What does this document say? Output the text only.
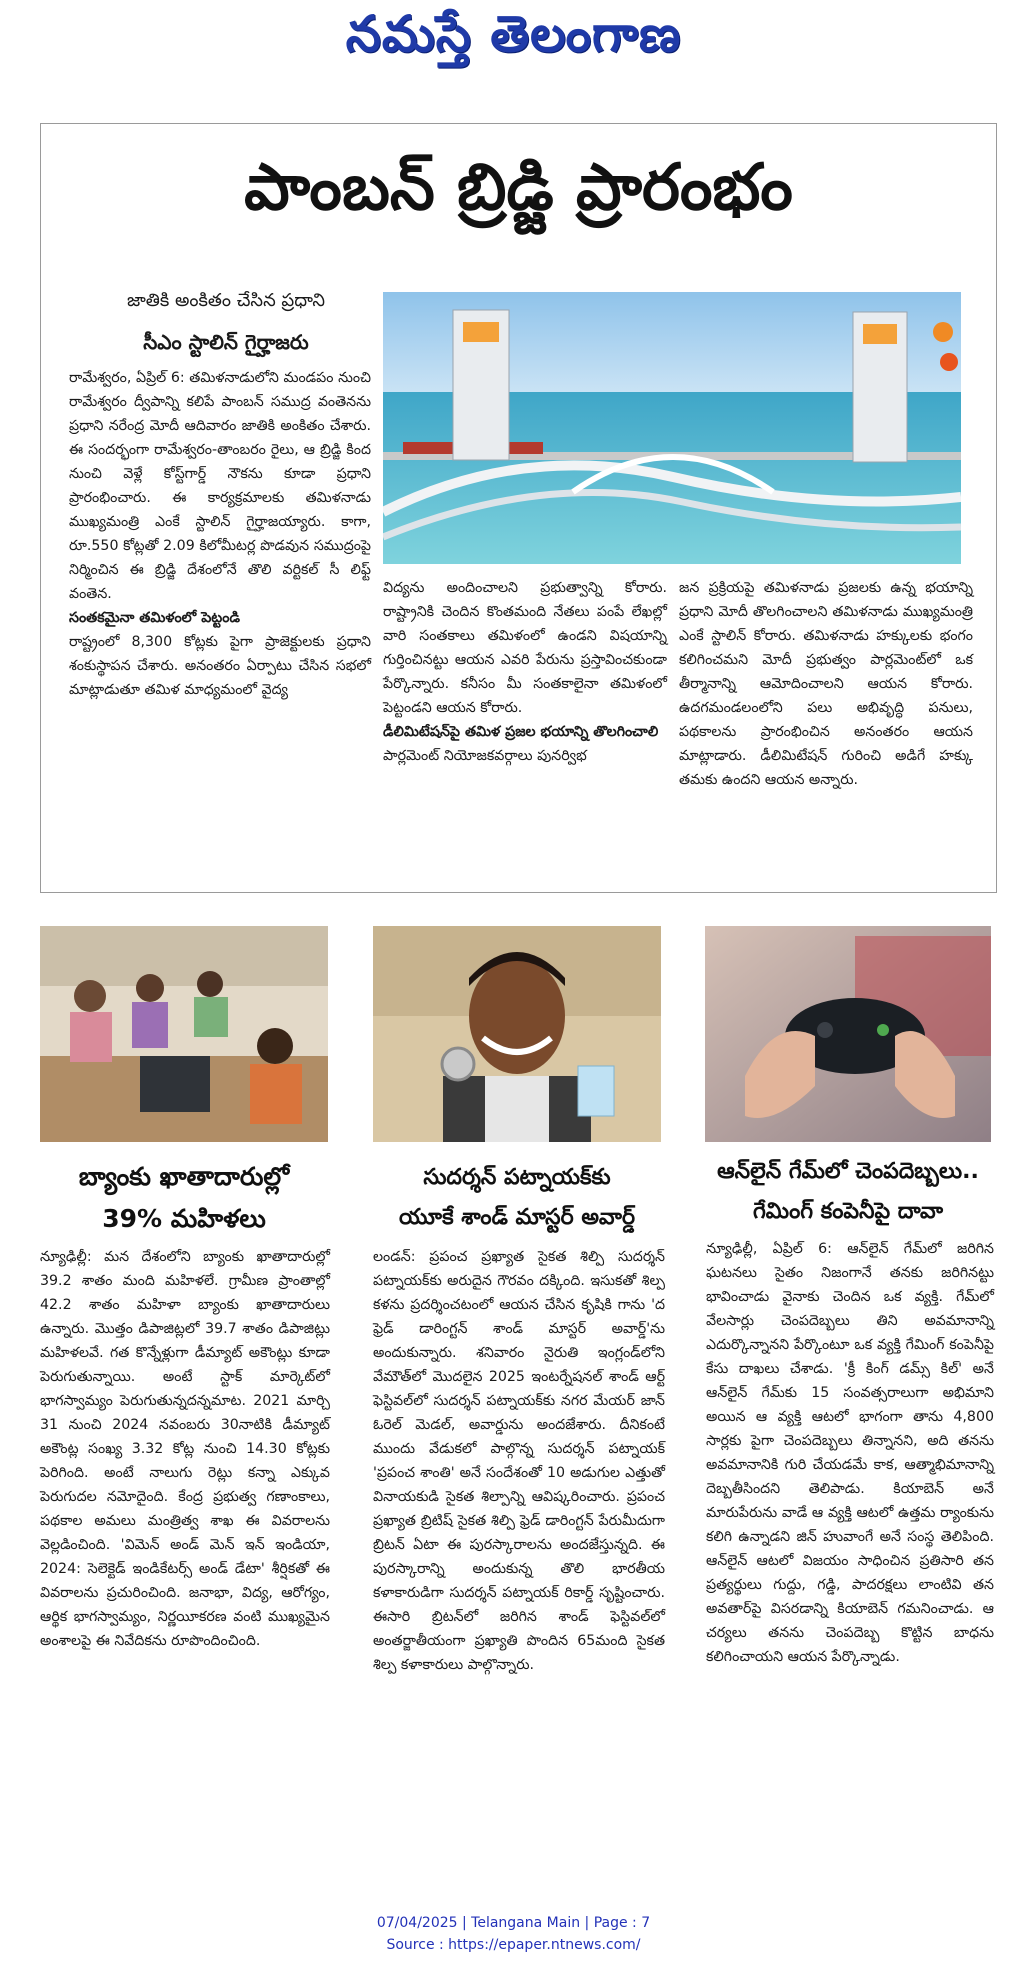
నమస్తే తెలంగాణ
పాంబన్ బ్రిడ్జి ప్రారంభం
జాతికి అంకితం చేసిన ప్రధాని
సీఎం స్టాలిన్ గైర్హాజరు

రామేశ్వరం, ఏప్రిల్ 6: తమిళనాడులోని మండపం నుంచి రామేశ్వరం ద్వీపాన్ని కలిపే పాంబన్ సముద్ర వంతెనను ప్రధాని నరేంద్ర మోదీ ఆదివారం జాతికి అంకితం చేశారు. ఈ సందర్భంగా రామేశ్వరం-తాంబరం రైలు, ఆ బ్రిడ్జి కింద నుంచి వెళ్లే కోస్ట్‌గార్డ్ నౌకను కూడా ప్రధాని ప్రారంభించారు. ఈ కార్యక్రమాలకు తమిళనాడు ముఖ్యమంత్రి ఎంకే స్టాలిన్ గైర్హాజయ్యారు. కాగా, రూ.550 కోట్లతో 2.09 కిలోమీటర్ల పొడవున సముద్రంపై నిర్మించిన ఈ బ్రిడ్జి దేశంలోనే తొలి వర్టికల్ సీ లిఫ్ట్ వంతెన.

సంతకమైనా తమిళంలో పెట్టండి

రాష్ట్రంలో 8,300 కోట్లకు పైగా ప్రాజెక్టులకు ప్రధాని శంకుస్థాపన చేశారు. అనంతరం ఏర్పాటు చేసిన సభలో మాట్లాడుతూ తమిళ మాధ్యమంలో వైద్య

విద్యను అందించాలని ప్రభుత్వాన్ని కోరారు. రాష్ట్రానికి చెందిన కొంతమంది నేతలు పంపే లేఖల్లో వారి సంతకాలు తమిళంలో ఉండని విషయాన్ని గుర్తించినట్టు ఆయన ఎవరి పేరును ప్రస్తావించకుండా పేర్కొన్నారు. కనీసం మీ సంతకాలైనా తమిళంలో పెట్టండని ఆయన కోరారు.

డీలిమిటేషన్‌పై తమిళ ప్రజల భయాన్ని తొలగించాలి

పార్లమెంట్ నియోజకవర్గాలు పునర్విభ

జన ప్రక్రియపై తమిళనాడు ప్రజలకు ఉన్న భయాన్ని ప్రధాని మోదీ తొలగించాలని తమిళనాడు ముఖ్యమంత్రి ఎంకే స్టాలిన్ కోరారు. తమిళనాడు హక్కులకు భంగం కలిగించమని మోదీ ప్రభుత్వం పార్లమెంట్‌లో ఒక తీర్మానాన్ని ఆమోదించాలని ఆయన కోరారు. ఉదగమండలంలోని పలు అభివృద్ధి పనులు, పథకాలను ప్రారంభించిన అనంతరం ఆయన మాట్లాడారు. డీలిమిటేషన్ గురించి అడిగే హక్కు తమకు ఉందని ఆయన అన్నారు.

బ్యాంకు ఖాతాదారుల్లో
39% మహిళలు
సుదర్శన్ పట్నాయక్‌కు
యూకే శాండ్ మాస్టర్ అవార్డ్
ఆన్‌లైన్ గేమ్‌లో చెంపదెబ్బలు..
గేమింగ్ కంపెనీపై దావా

న్యూఢిల్లీ: మన దేశంలోని బ్యాంకు ఖాతాదారుల్లో 39.2 శాతం మంది మహిళలే. గ్రామీణ ప్రాంతాల్లో 42.2 శాతం మహిళా బ్యాంకు ఖాతాదారులు ఉన్నారు. మొత్తం డిపాజిట్లలో 39.7 శాతం డిపాజిట్లు మహిళలవే. గత కొన్నేళ్లుగా డీమ్యాట్ అకౌంట్లు కూడా పెరుగుతున్నాయి. అంటే స్టాక్ మార్కెట్‌లో భాగస్వామ్యం పెరుగుతున్నదన్నమాట. 2021 మార్చి 31 నుంచి 2024 నవంబరు 30నాటికి డీమ్యాట్ అకౌంట్ల సంఖ్య 3.32 కోట్ల నుంచి 14.30 కోట్లకు పెరిగింది. అంటే నాలుగు రెట్లు కన్నా ఎక్కువ పెరుగుదల నమోదైంది. కేంద్ర ప్రభుత్వ గణాంకాలు, పథకాల అమలు మంత్రిత్వ శాఖ ఈ వివరాలను వెల్లడించింది. 'విమెన్ అండ్ మెన్ ఇన్ ఇండియా, 2024: సెలెక్టెడ్ ఇండికేటర్స్ అండ్ డేటా' శీర్షికతో ఈ వివరాలను ప్రచురించింది. జనాభా, విద్య, ఆరోగ్యం, ఆర్థిక భాగస్వామ్యం, నిర్ణయీకరణ వంటి ముఖ్యమైన అంశాలపై ఈ నివేదికను రూపొందించింది.

లండన్: ప్రపంచ ప్రఖ్యాత సైకత శిల్పి సుదర్శన్ పట్నాయక్‌కు అరుదైన గౌరవం దక్కింది. ఇసుకతో శిల్ప కళను ప్రదర్శించటంలో ఆయన చేసిన కృషికి గాను 'ద ఫ్రెడ్ డారింగ్టన్ శాండ్ మాస్టర్ అవార్డ్'ను అందుకున్నారు. శనివారం నైరుతి ఇంగ్లండ్‌లోని వేమౌత్‌లో మొదలైన 2025 ఇంటర్నేషనల్ శాండ్ ఆర్ట్ ఫెస్టివల్‌లో సుదర్శన్ పట్నాయక్‌కు నగర మేయర్ జాన్ ఓరెల్ మెడల్, అవార్డును అందజేశారు. దీనికంటే ముందు వేడుకలో పాల్గొన్న సుదర్శన్ పట్నాయక్ 'ప్రపంచ శాంతి' అనే సందేశంతో 10 అడుగుల ఎత్తుతో వినాయకుడి సైకత శిల్పాన్ని ఆవిష్కరించారు. ప్రపంచ ప్రఖ్యాత బ్రిటిష్ సైకత శిల్పి ఫ్రెడ్ డారింగ్టన్ పేరుమీదుగా బ్రిటన్ ఏటా ఈ పురస్కారాలను అందజేస్తున్నది. ఈ పురస్కారాన్ని అందుకున్న తొలి భారతీయ కళాకారుడిగా సుదర్శన్ పట్నాయక్ రికార్డ్ సృష్టించారు. ఈసారి బ్రిటన్‌లో జరిగిన శాండ్ ఫెస్టివల్‌లో అంతర్జాతీయంగా ప్రఖ్యాతి పొందిన 65మంది సైకత శిల్ప కళాకారులు పాల్గొన్నారు.

న్యూఢిల్లీ, ఏప్రిల్ 6: ఆన్‌లైన్ గేమ్‌లో జరిగిన ఘటనలు సైతం నిజంగానే తనకు జరిగినట్టు భావించాడు వైనాకు చెందిన ఒక వ్యక్తి. గేమ్‌లో వేలసార్లు చెంపదెబ్బలు తిని అవమానాన్ని ఎదుర్కొన్నానని పేర్కొంటూ ఒక వ్యక్తి గేమింగ్ కంపెనీపై కేసు దాఖలు చేశాడు. 'క్రీ కింగ్ డమ్స్ కిల్' అనే ఆన్‌లైన్ గేమ్‌కు 15 సంవత్సరాలుగా అభిమాని అయిన ఆ వ్యక్తి ఆటలో భాగంగా తాను 4,800 సార్లకు పైగా చెంపదెబ్బలు తిన్నానని, అది తనను అవమానానికి గురి చేయడమే కాక, ఆత్మాభిమానాన్ని దెబ్బతీసిందని తెలిపాడు. కియాబెన్ అనే మారుపేరును వాడే ఆ వ్యక్తి ఆటలో ఉత్తమ ర్యాంకును కలిగి ఉన్నాడని జిన్ హువాంగే అనే సంస్థ తెలిపింది. ఆన్‌లైన్ ఆటలో విజయం సాధించిన ప్రతిసారి తన ప్రత్యర్థులు గుద్దు, గడ్డి, పాదరక్షలు లాంటివి తన అవతార్‌పై విసరడాన్ని కియాబెన్ గమనించాడు. ఆ చర్యలు తనను చెంపదెబ్బ కొట్టిన బాధను కలిగించాయని ఆయన పేర్కొన్నాడు.

07/04/2025 | Telangana Main | Page : 7
Source : https://epaper.ntnews.com/
